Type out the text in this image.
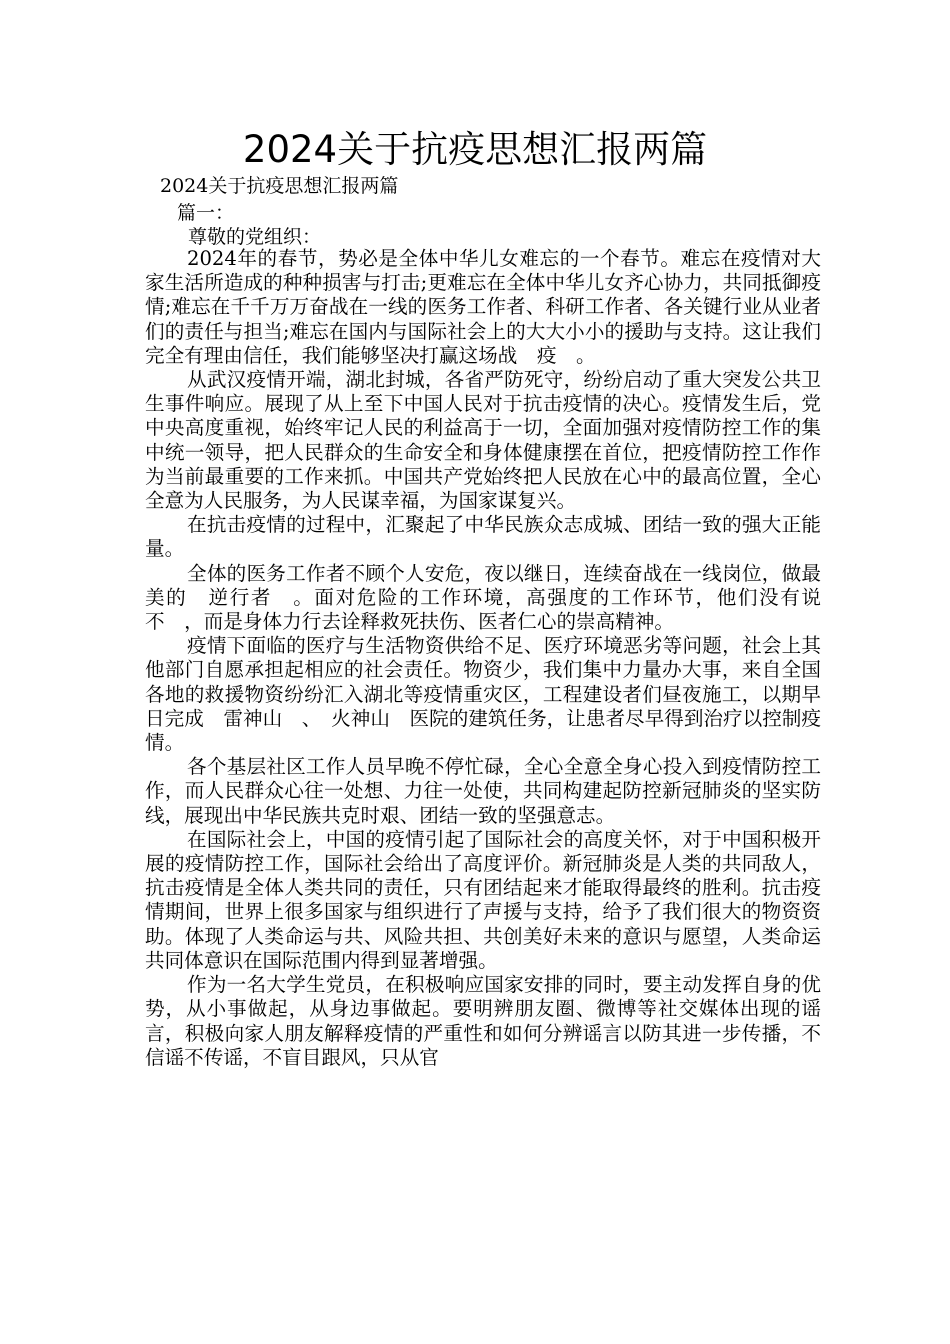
2024关于抗疫思想汇报两篇
2024关于抗疫思想汇报两篇
篇一：
尊敬的党组织：

2024年的春节，势必是全体中华儿女难忘的一个春节。难忘在疫情对大家生活所造成的种种损害与打击;更难忘在全体中华儿女齐心协力，共同抵御疫情;难忘在千千万万奋战在一线的医务工作者、科研工作者、各关键行业从业者们的责任与担当;难忘在国内与国际社会上的大大小小的援助与支持。这让我们完全有理由信任，我们能够坚决打赢这场战　疫　。

从武汉疫情开端，湖北封城，各省严防死守，纷纷启动了重大突发公共卫生事件响应。展现了从上至下中国人民对于抗击疫情的决心。疫情发生后，党中央高度重视，始终牢记人民的利益高于一切，全面加强对疫情防控工作的集中统一领导，把人民群众的生命安全和身体健康摆在首位，把疫情防控工作作为当前最重要的工作来抓。中国共产党始终把人民放在心中的最高位置，全心全意为人民服务，为人民谋幸福，为国家谋复兴。

在抗击疫情的过程中，汇聚起了中华民族众志成城、团结一致的强大正能量。

全体的医务工作者不顾个人安危，夜以继日，连续奋战在一线岗位，做最美的　逆行者　。面对危险的工作环境，高强度的工作环节，他们没有说　不　，而是身体力行去诠释救死扶伤、医者仁心的崇高精神。

疫情下面临的医疗与生活物资供给不足、医疗环境恶劣等问题，社会上其他部门自愿承担起相应的社会责任。物资少，我们集中力量办大事，来自全国各地的救援物资纷纷汇入湖北等疫情重灾区，工程建设者们昼夜施工，以期早日完成　雷神山　、　火神山　医院的建筑任务，让患者尽早得到治疗以控制疫情。

各个基层社区工作人员早晚不停忙碌，全心全意全身心投入到疫情防控工作，而人民群众心往一处想、力往一处使，共同构建起防控新冠肺炎的坚实防线，展现出中华民族共克时艰、团结一致的坚强意志。

在国际社会上，中国的疫情引起了国际社会的高度关怀，对于中国积极开展的疫情防控工作，国际社会给出了高度评价。新冠肺炎是人类的共同敌人，抗击疫情是全体人类共同的责任，只有团结起来才能取得最终的胜利。抗击疫情期间，世界上很多国家与组织进行了声援与支持，给予了我们很大的物资资助。体现了人类命运与共、风险共担、共创美好未来的意识与愿望，人类命运共同体意识在国际范围内得到显著增强。

作为一名大学生党员，在积极响应国家安排的同时，要主动发挥自身的优势，从小事做起，从身边事做起。要明辨朋友圈、微博等社交媒体出现的谣言，积极向家人朋友解释疫情的严重性和如何分辨谣言以防其进一步传播，不信谣不传谣，不盲目跟风，只从官
